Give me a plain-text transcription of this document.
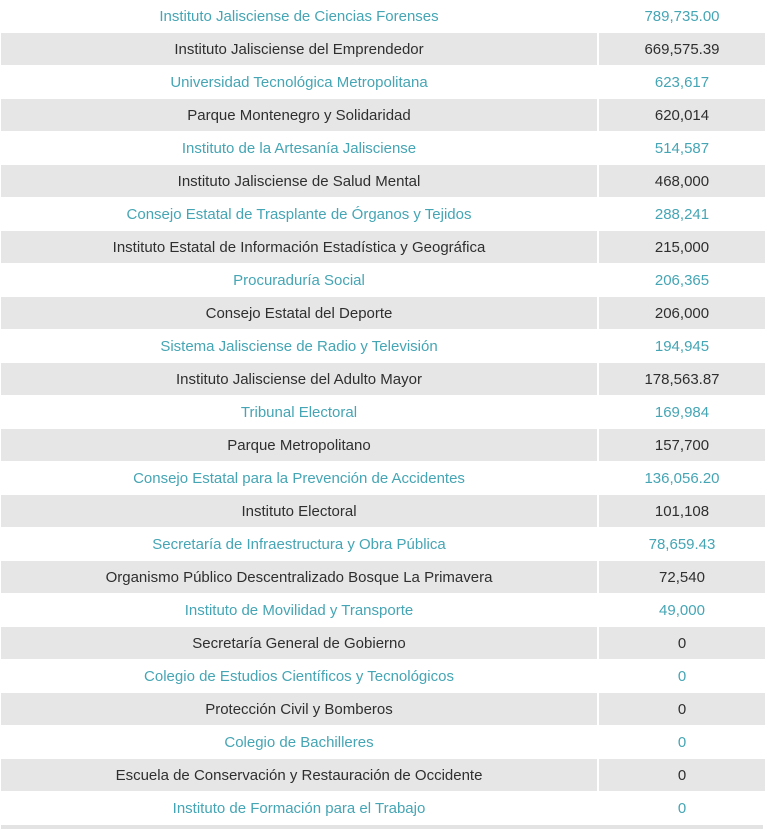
Instituto Jalisciense de Ciencias Forenses	789,735.00
Instituto Jalisciense del Emprendedor	669,575.39
Universidad Tecnológica Metropolitana	623,617
Parque Montenegro y Solidaridad	620,014
Instituto de la Artesanía Jalisciense	514,587
Instituto Jalisciense de Salud Mental	468,000
Consejo Estatal de Trasplante de Órganos y Tejidos	288,241
Instituto Estatal de Información Estadística y Geográfica	215,000
Procuraduría Social	206,365
Consejo Estatal del Deporte	206,000
Sistema Jalisciense de Radio y Televisión	194,945
Instituto Jalisciense del Adulto Mayor	178,563.87
Tribunal Electoral	169,984
Parque Metropolitano	157,700
Consejo Estatal para la Prevención de Accidentes	136,056.20
Instituto Electoral	101,108
Secretaría de Infraestructura y Obra Pública	78,659.43
Organismo Público Descentralizado Bosque La Primavera	72,540
Instituto de Movilidad y Transporte	49,000
Secretaría General de Gobierno	0
Colegio de Estudios Científicos y Tecnológicos	0
Protección Civil y Bomberos	0
Colegio de Bachilleres	0
Escuela de Conservación y Restauración de Occidente	0
Instituto de Formación para el Trabajo	0
